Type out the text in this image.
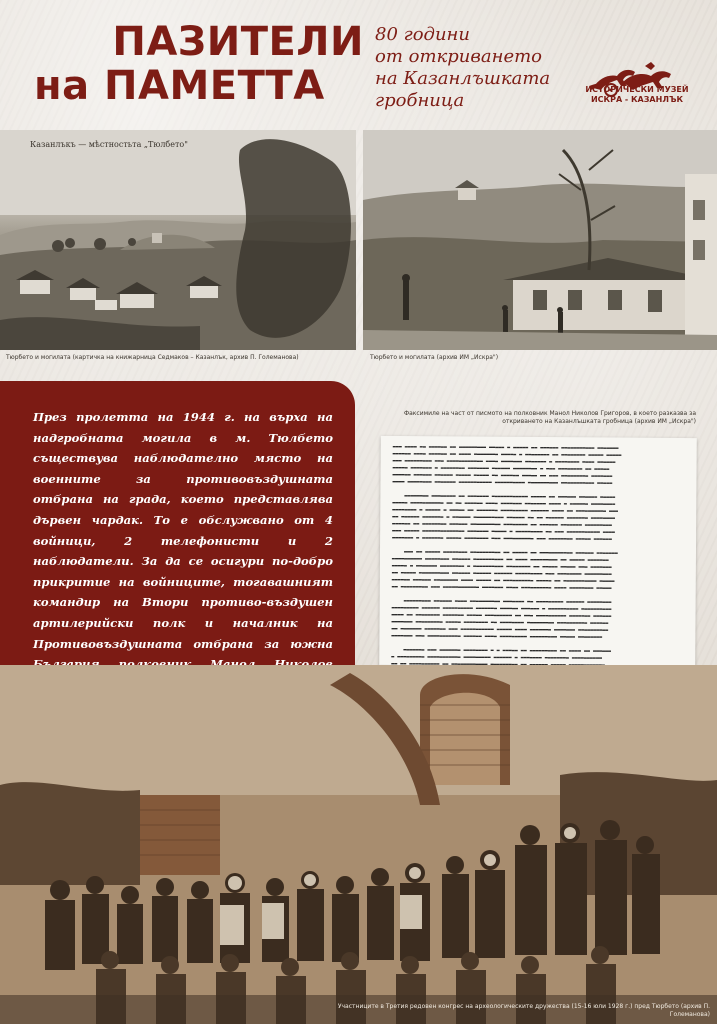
ПАЗИТЕЛИ
на ПАМЕТТА
80 години
от откриването
на Казанлъшката
гробница
ИСТОРИЧЕСКИ МУЗЕЙ
ИСКРА - КАЗАНЛЪК
Казанлъкъ — мѣстностьта „Тюлбето"
Тюрбето и могилата (картичка на книжарница Седмаков – Казанлък, архив П. Големанова)	Тюрбето и могилата (архив ИМ „Искра")

През пролетта на 1944 г. на върха на надгробната могила в м. Тюлбето съществува наблюдателно място на военните за противовъздушната отбрана на града, което представлява дървен чардак. То е обслужвано от 4 войници, 2 телефонисти и 2 наблюдатели. За да се осигури по-добро прикритие на войниците, тогавашният командир на Втори противо-въздушен артилерийски полк и началник на Противовъздушната отбрана за южна

Факсимиле на част от писмото на полковник Манол Николов Григоров, в което разказва за откриването на Казанлъшката гробница (архив ИМ „Искра")
▬▬▬ ▬▬▬▬ ▬▬ ▬▬▬▬▬▬ ▬▬ ▬▬▬▬▬▬▬▬▬ ▬▬▬▬▬ ▬ ▬▬▬▬▬ ▬▬ ▬▬▬▬▬▬ ▬▬▬▬▬▬▬▬▬▬▬ ▬▬▬▬▬▬▬
▬▬▬▬▬▬ ▬▬▬▬ ▬▬▬▬▬▬ ▬▬ ▬▬▬▬ ▬▬▬▬▬▬▬▬ ▬▬▬▬▬ ▬ ▬▬▬▬▬▬▬▬ ▬▬ ▬▬▬▬▬▬▬▬ ▬▬▬▬▬ ▬▬▬▬▬
▬▬▬ ▬▬▬▬▬▬▬▬▬ ▬▬▬ ▬▬▬▬▬▬▬▬▬▬▬▬ ▬▬▬▬ ▬▬▬▬▬▬▬ ▬▬▬▬▬▬▬ ▬ ▬▬▬▬▬▬▬▬ ▬▬▬▬ ▬▬▬▬▬▬
▬▬▬▬▬ ▬▬▬▬▬▬▬ ▬ ▬▬▬▬▬▬▬▬ ▬▬▬▬▬▬▬ ▬▬▬▬▬▬ ▬▬▬▬▬▬▬▬ ▬ ▬▬▬ ▬▬▬▬▬▬▬▬ ▬▬ ▬▬▬▬▬
▬▬▬▬▬▬ ▬▬▬▬▬▬ ▬▬▬▬▬▬ ▬▬▬▬▬ ▬▬▬▬▬ ▬▬ ▬▬▬▬▬▬ ▬▬▬▬▬ ▬▬ ▬▬▬ ▬▬▬▬▬▬▬▬▬ ▬▬▬▬▬▬▬
▬▬▬▬ ▬▬▬▬▬▬▬▬ ▬▬▬▬▬▬▬ ▬▬▬▬▬▬▬▬▬▬▬ ▬▬▬▬▬▬▬▬▬▬ ▬▬▬▬▬▬▬▬▬▬ ▬▬▬▬▬▬▬▬▬▬▬ ▬▬▬▬▬

▬▬▬▬▬▬▬▬ ▬▬▬▬▬▬▬▬ ▬▬ ▬▬▬▬▬▬▬ ▬▬▬▬▬▬▬▬▬▬▬▬ ▬▬▬▬▬ ▬▬ ▬▬▬▬▬▬ ▬▬▬▬▬▬ ▬▬▬▬▬
▬▬▬▬▬ ▬▬▬▬▬▬▬▬▬▬▬ ▬▬ ▬▬ ▬▬▬▬▬▬ ▬▬▬▬ ▬▬▬▬▬▬▬ ▬▬▬▬▬▬▬ ▬▬▬▬ ▬ ▬▬▬▬▬▬ ▬▬▬▬▬▬▬▬
▬▬▬▬▬▬▬▬ ▬ ▬▬▬▬▬ ▬ ▬▬▬▬▬ ▬▬ ▬▬▬▬▬▬▬ ▬▬▬▬▬▬▬▬▬ ▬▬▬▬▬▬ ▬▬▬▬ ▬▬ ▬▬▬▬▬▬▬▬▬▬ ▬▬▬
▬▬ ▬▬▬▬▬▬ ▬▬▬▬▬▬▬ ▬ ▬▬▬▬▬▬ ▬▬▬▬▬▬▬▬▬▬ ▬▬▬▬▬▬ ▬▬ ▬▬ ▬▬▬▬▬▬ ▬▬▬▬▬▬▬ ▬▬▬▬▬▬▬▬
▬▬▬▬▬▬ ▬▬ ▬▬▬▬▬▬▬▬ ▬▬▬▬▬▬ ▬▬▬▬▬▬▬▬▬▬ ▬▬▬▬▬▬▬▬ ▬▬ ▬▬▬▬▬▬ ▬▬▬▬▬▬▬ ▬▬▬▬▬▬▬▬▬
▬▬▬ ▬▬▬▬▬ ▬▬▬▬▬▬▬▬▬▬▬▬▬▬ ▬▬▬▬▬▬▬ ▬▬▬▬▬ ▬ ▬▬▬▬▬▬▬▬▬ ▬▬ ▬▬▬ ▬▬▬▬▬▬▬▬▬▬▬ ▬▬▬▬
▬▬▬▬▬▬▬ ▬ ▬▬▬▬▬▬▬ ▬▬▬▬▬ ▬▬▬▬▬▬▬▬ ▬▬▬ ▬▬▬▬▬▬▬▬▬▬ ▬▬▬ ▬▬▬▬▬▬▬▬ ▬▬▬▬▬ ▬▬▬▬▬▬

▬▬▬ ▬▬ ▬▬▬▬▬ ▬▬▬▬▬▬▬▬ ▬▬▬▬▬▬▬▬▬▬ ▬▬ ▬▬▬▬▬ ▬▬ ▬▬▬▬▬▬▬▬▬▬▬ ▬▬▬▬▬▬ ▬▬▬▬▬▬▬
▬▬▬▬▬▬▬▬▬▬ ▬▬▬▬▬▬▬▬ ▬▬▬▬▬▬ ▬▬▬▬▬▬▬▬▬▬ ▬▬ ▬▬▬▬ ▬▬▬▬▬▬▬▬▬ ▬▬ ▬▬▬▬▬ ▬▬▬▬▬▬▬
▬▬▬▬▬ ▬ ▬▬▬▬▬▬▬ ▬▬▬▬▬▬▬▬ ▬ ▬▬▬▬▬▬▬▬▬▬ ▬▬▬▬▬▬▬▬ ▬▬ ▬▬▬▬▬ ▬▬▬▬▬ ▬▬▬ ▬▬▬▬▬▬▬
▬▬ ▬▬▬▬▬ ▬▬▬▬▬▬▬▬▬▬ ▬▬▬▬▬▬ ▬▬▬▬▬▬ ▬▬▬▬▬▬ ▬▬▬▬▬▬▬▬▬ ▬▬▬ ▬▬▬▬▬▬▬▬ ▬▬▬▬▬▬▬▬▬
▬▬▬▬▬▬ ▬▬▬▬▬▬ ▬▬▬▬▬▬▬▬ ▬▬▬▬ ▬▬▬▬▬ ▬▬ ▬▬▬▬▬▬▬▬▬▬ ▬▬▬▬▬ ▬▬ ▬▬▬▬▬▬▬▬▬▬▬ ▬▬▬▬▬
▬▬ ▬▬▬▬▬▬▬▬▬ ▬▬▬ ▬▬▬▬▬▬▬▬▬▬▬▬ ▬▬▬▬▬▬▬ ▬▬▬▬ ▬▬▬▬▬▬▬▬▬▬ ▬▬▬▬ ▬▬▬▬▬▬▬▬ ▬▬▬▬▬

▬▬▬▬▬▬▬▬▬ ▬▬▬▬▬▬ ▬▬▬▬ ▬▬▬▬▬▬▬▬▬▬ ▬▬▬▬▬▬▬ ▬▬ ▬▬▬▬▬▬▬▬▬ ▬▬▬▬▬▬ ▬▬▬▬▬▬▬▬
▬▬▬▬▬▬▬▬▬ ▬▬▬▬▬▬ ▬▬▬▬▬▬▬▬▬▬ ▬▬▬▬▬▬▬ ▬▬▬▬▬▬ ▬▬▬▬▬▬ ▬ ▬▬▬▬▬▬▬▬▬▬ ▬▬▬▬▬▬▬▬▬▬
▬▬▬▬ ▬▬ ▬▬▬▬▬▬▬▬ ▬▬▬▬▬▬▬ ▬▬▬▬▬ ▬▬▬▬▬▬▬▬▬ ▬▬ ▬▬▬ ▬▬▬▬▬▬▬▬▬▬ ▬▬▬▬▬▬▬ ▬▬▬▬▬▬
▬▬▬▬▬▬▬ ▬▬▬▬▬▬▬▬▬ ▬▬▬▬▬ ▬▬▬▬▬▬▬▬ ▬▬ ▬▬▬▬▬▬▬▬ ▬▬▬▬▬▬▬▬▬ ▬▬▬▬▬▬▬▬▬▬ ▬▬▬▬▬▬
▬▬ ▬▬▬▬▬▬▬ ▬▬▬▬▬▬▬ ▬▬▬ ▬▬▬▬▬▬▬▬▬▬▬ ▬▬▬▬▬ ▬▬▬▬ ▬▬▬▬▬▬▬ ▬▬▬▬▬▬▬ ▬▬▬▬▬▬▬▬▬▬
▬▬▬▬▬▬▬ ▬▬▬ ▬▬▬▬▬▬▬▬▬▬▬ ▬▬▬▬▬▬ ▬▬▬▬ ▬▬▬▬▬▬▬▬▬ ▬▬▬▬▬▬▬▬▬ ▬▬▬▬▬ ▬▬▬▬▬▬▬▬

▬▬▬▬▬▬▬ ▬▬▬ ▬▬▬▬▬▬▬ ▬▬▬▬▬▬▬▬ ▬ ▬ ▬▬▬▬▬ ▬▬ ▬▬▬▬▬▬▬▬▬ ▬▬ ▬▬▬▬ ▬▬ ▬▬▬▬▬▬
▬ ▬▬▬▬▬▬▬▬▬ ▬▬▬▬▬▬▬▬▬▬▬ ▬▬▬▬▬▬▬▬▬ ▬▬▬▬▬▬ ▬ ▬▬▬▬▬▬▬ ▬▬▬▬▬▬▬▬ ▬▬▬▬▬▬▬▬▬▬
▬▬

Участниците в Третия редовен конгрес на археологическите дружества (15-16 юли 1928 г.) пред Тюрбето (архив П. Големанова)
